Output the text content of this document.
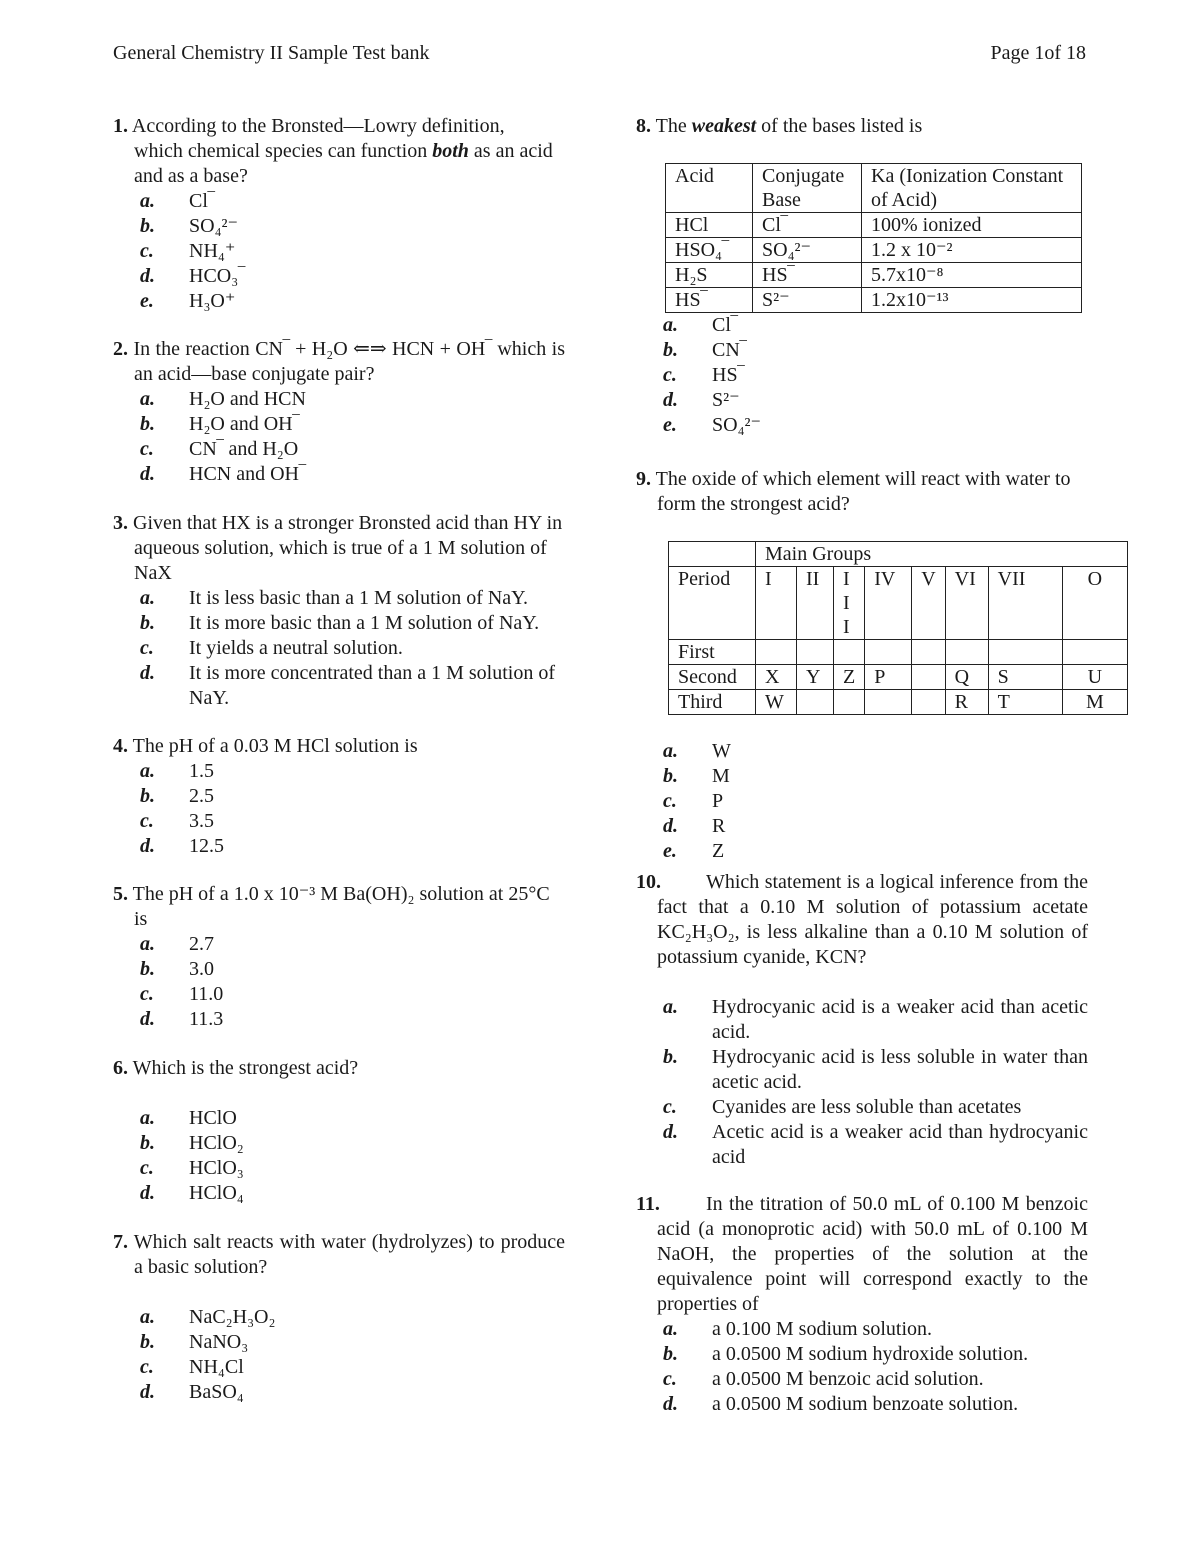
General Chemistry II Sample Test bank	Page 1of 18
1. According to the Bronsted—Lowry definition, which chemical species can function both as an acid and as a base?
a.	Cl‾
b.	SO₄²⁻
c.	NH₄⁺
d.	HCO₃‾
e.	H₃O⁺
2. In the reaction CN‾ + H₂O ⇐⇒ HCN + OH‾ which is an acid—base conjugate pair?
a.	H₂O and HCN
b.	H₂O and OH‾
c.	CN‾ and H₂O
d.	HCN and OH‾
3. Given that HX is a stronger Bronsted acid than HY in aqueous solution, which is true of a 1 M solution of NaX
a.	It is less basic than a 1 M solution of NaY.
b.	It is more basic than a 1 M solution of NaY.
c.	It yields a neutral solution.
d.	It is more concentrated than a 1 M solution of NaY.
4. The pH of a 0.03 M HCl solution is
a.	1.5
b.	2.5
c.	3.5
d.	12.5
5. The pH of a 1.0 x 10⁻³ M Ba(OH)₂ solution at 25°C is
a.	2.7
b.	3.0
c.	11.0
d.	11.3
6. Which is the strongest acid?
a.	HClO
b.	HClO₂
c.	HClO₃
d.	HClO₄
7. Which salt reacts with water (hydrolyzes) to produce a basic solution?
a.	NaC₂H₃O₂
b.	NaNO₃
c.	NH₄Cl
d.	BaSO₄
8. The weakest of the bases listed is
Acid	Conjugate Base	Ka (Ionization Constant of Acid)
HCl	Cl‾	100% ionized
HSO₄‾	SO₄²⁻	1.2 x 10⁻²
H₂S	HS‾	5.7x10⁻⁸
HS‾	S²⁻	1.2x10⁻¹³
a.	Cl‾
b.	CN‾
c.	HS‾
d.	S²⁻
e.	SO₄²⁻
9. The oxide of which element will react with water to form the strongest acid?
	Main Groups							
Period	I	II	II I	IV	V	VI	VII	O
First								
Second	X	Y	Z	P		Q	S	U
Third	W					R	T	M
a.	W
b.	M
c.	P
d.	R
e.	Z
10. Which statement is a logical inference from the fact that a 0.10 M solution of potassium acetate KC₂H₃O₂, is less alkaline than a 0.10 M solution of potassium cyanide, KCN?
a.	Hydrocyanic acid is a weaker acid than acetic acid.
b.	Hydrocyanic acid is less soluble in water than acetic acid.
c.	Cyanides are less soluble than acetates
d.	Acetic acid is a weaker acid than hydrocyanic acid
11. In the titration of 50.0 mL of 0.100 M benzoic acid (a monoprotic acid) with 50.0 mL of 0.100 M NaOH, the properties of the solution at the equivalence point will correspond exactly to the properties of
a.	a 0.100 M sodium solution.
b.	a 0.0500 M sodium hydroxide solution.
c.	a 0.0500 M benzoic acid solution.
d.	a 0.0500 M sodium benzoate solution.
